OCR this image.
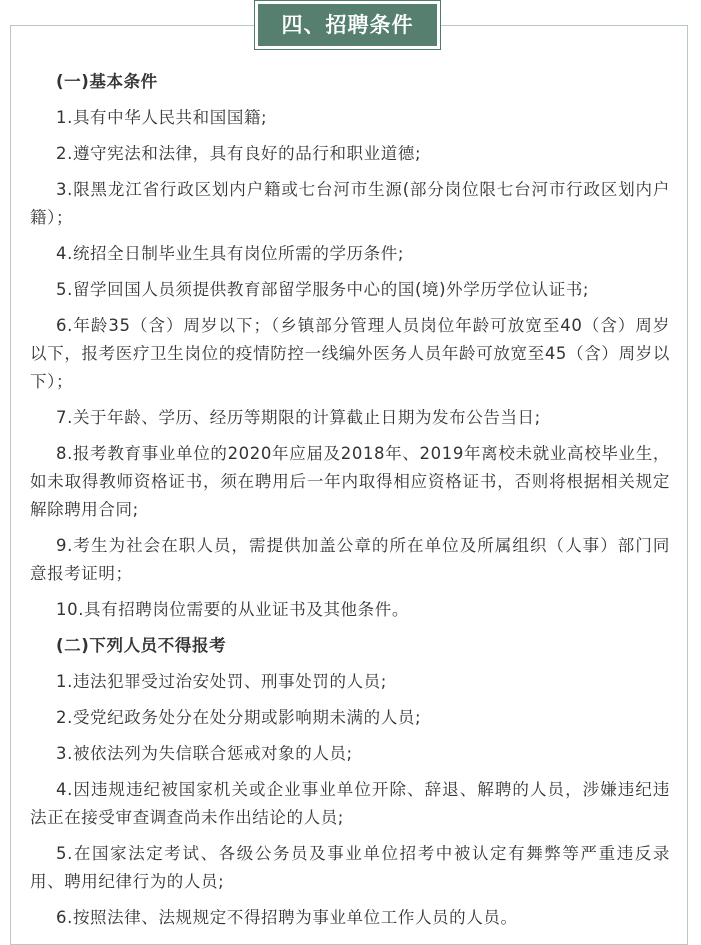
四、招聘条件
(一)基本条件
1.具有中华人民共和国国籍;
2.遵守宪法和法律，具有良好的品行和职业道德;
3.限黑龙江省行政区划内户籍或七台河市生源(部分岗位限七台河市行政区划内户籍）；
4.统招全日制毕业生具有岗位所需的学历条件;
5.留学回国人员须提供教育部留学服务中心的国(境)外学历学位认证书;
6.年龄35（含）周岁以下；（乡镇部分管理人员岗位年龄可放宽至40（含）周岁以下，报考医疗卫生岗位的疫情防控一线编外医务人员年龄可放宽至45（含）周岁以下）；
7.关于年龄、学历、经历等期限的计算截止日期为发布公告当日;
8.报考教育事业单位的2020年应届及2018年、2019年离校未就业高校毕业生，如未取得教师资格证书，须在聘用后一年内取得相应资格证书，否则将根据相关规定解除聘用合同;
9.考生为社会在职人员，需提供加盖公章的所在单位及所属组织（人事）部门同意报考证明；
10.具有招聘岗位需要的从业证书及其他条件。
(二)下列人员不得报考
1.违法犯罪受过治安处罚、刑事处罚的人员;
2.受党纪政务处分在处分期或影响期未满的人员;
3.被依法列为失信联合惩戒对象的人员;
4.因违规违纪被国家机关或企业事业单位开除、辞退、解聘的人员，涉嫌违纪违法正在接受审查调查尚未作出结论的人员;
5.在国家法定考试、各级公务员及事业单位招考中被认定有舞弊等严重违反录用、聘用纪律行为的人员;
6.按照法律、法规规定不得招聘为事业单位工作人员的人员。
